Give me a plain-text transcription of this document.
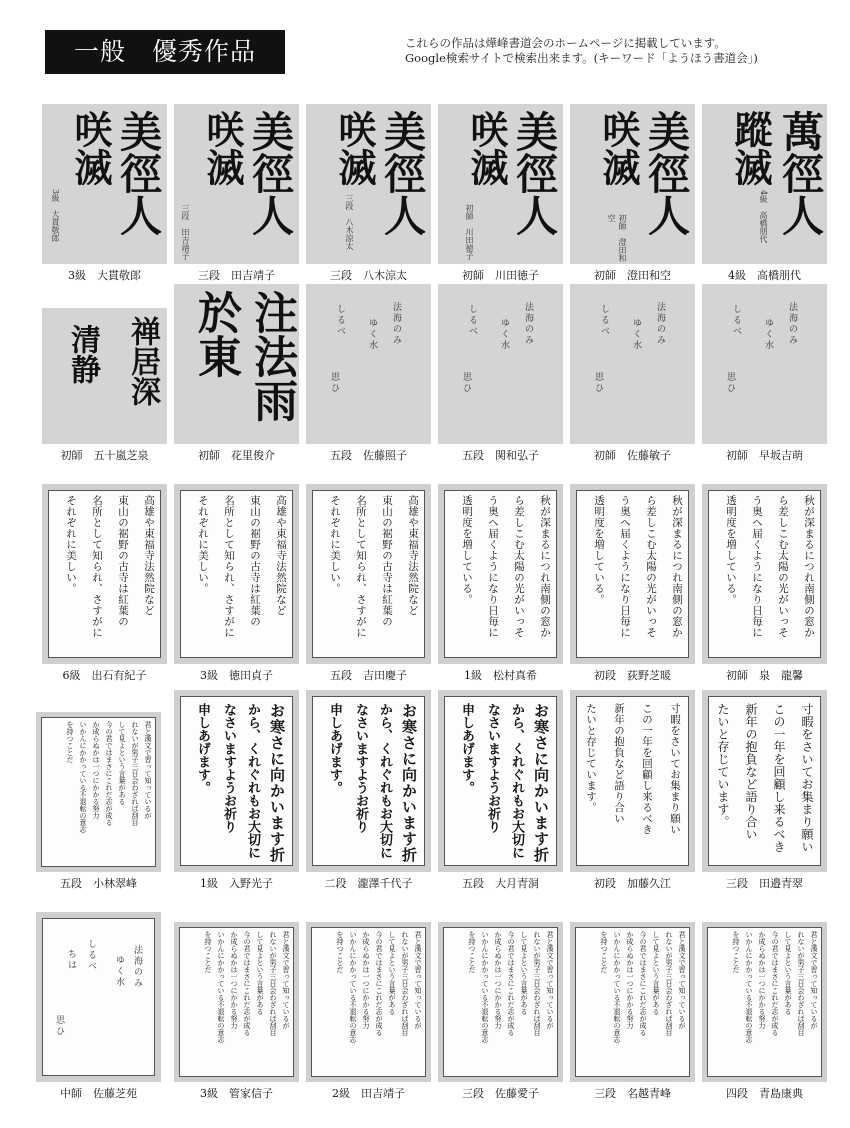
一般　優秀作品	これらの作品は燁峰書道会のホームページに掲載しています。
Google検索サイトで検索出来ます。(キーワード「ようほう書道会」)
美徑人
咲滅
3級　大貫敬郎
3級　大貫敬郎
美徑人
咲滅
三段　田吉靖子
三段　田吉靖子
美徑人
咲滅
三段　八木涼太
三段　八木涼太
美徑人
咲滅
初師　川田徳子
初師　川田徳子
美徑人
咲滅
初師　澄田和空
初師　澄田和空
萬徑人
蹤滅
4級　高橋朋代
4級　高橋朋代
禅居深
清静
初師　五十嵐芝泉
注法雨
於東
初師　花里俊介
法海のみ
ゆく水
しるべ
思ひ
五段　佐藤照子
法海のみ
ゆく水
しるべ
思ひ
五段　関和弘子
法海のみ
ゆく水
しるべ
思ひ
初師　佐藤敏子
法海のみ
ゆく水
しるべ
思ひ
初師　早坂吉萌
高雄や東福寺法然院など
東山の裾野の古寺は紅葉の
名所として知られ、さすがに
それぞれに美しい。
6級　出石有紀子
高雄や東福寺法然院など
東山の裾野の古寺は紅葉の
名所として知られ、さすがに
それぞれに美しい。
3級　徳田貞子
高雄や東福寺法然院など
東山の裾野の古寺は紅葉の
名所として知られ、さすがに
それぞれに美しい。
五段　吉田慶子
秋が深まるにつれ南側の窓か
ら差しこむ太陽の光がいっそ
う奥へ届くようになり日毎に
透明度を増している。
1級　松村真希
秋が深まるにつれ南側の窓か
ら差しこむ太陽の光がいっそ
う奥へ届くようになり日毎に
透明度を増している。
初段　荻野芝暖
秋が深まるにつれ南側の窓か
ら差しこむ太陽の光がいっそ
う奥へ届くようになり日毎に
透明度を増している。
初師　泉　龍馨
君と漢文で習って知っているが
れないが男子三日会わざれば刮目
して見よという言葉がある
今の君ではまさにこれだ志が成る
か成らぬかは一つにかかる努力
いかんにかかっている不退転の意志
を持つことだ
五段　小林翠峰
お寒さに向かいます折
から、くれぐれもお大切に
なさいますようお祈り
申しあげます。
1級　入野光子
お寒さに向かいます折
から、くれぐれもお大切に
なさいますようお祈り
申しあげます。
二段　瀧澤千代子
お寒さに向かいます折
から、くれぐれもお大切に
なさいますようお祈り
申しあげます。
五段　大月青洞
寸暇をさいてお集まり願い
この一年を回顧し来るべき
新年の抱負など語り合い
たいと存じています。
初段　加藤久江
寸暇をさいてお集まり願い
この一年を回顧し来るべき
新年の抱負など語り合い
たいと存じています。
三段　田邉青翠
法海のみ
ゆく水
しるべ
ちは
思ひ
中師　佐藤芝苑
君と漢文で習って知っているが
れないが男子三日会わざれば刮目
して見よという言葉がある
今の君ではまさにこれだ志が成る
か成らぬかは一つにかかる努力
いかんにかかっている不退転の意志
を持つことだ
3級　管家信子
君と漢文で習って知っているが
れないが男子三日会わざれば刮目
して見よという言葉がある
今の君ではまさにこれだ志が成る
か成らぬかは一つにかかる努力
いかんにかかっている不退転の意志
を持つことだ
2級　田吉靖子
君と漢文で習って知っているが
れないが男子三日会わざれば刮目
して見よという言葉がある
今の君ではまさにこれだ志が成る
か成らぬかは一つにかかる努力
いかんにかかっている不退転の意志
を持つことだ
三段　佐藤愛子
君と漢文で習って知っているが
れないが男子三日会わざれば刮目
して見よという言葉がある
今の君ではまさにこれだ志が成る
か成らぬかは一つにかかる努力
いかんにかかっている不退転の意志
を持つことだ
三段　名越青峰
君と漢文で習って知っているが
れないが男子三日会わざれば刮目
して見よという言葉がある
今の君ではまさにこれだ志が成る
か成らぬかは一つにかかる努力
いかんにかかっている不退転の意志
を持つことだ
四段　青島康典
